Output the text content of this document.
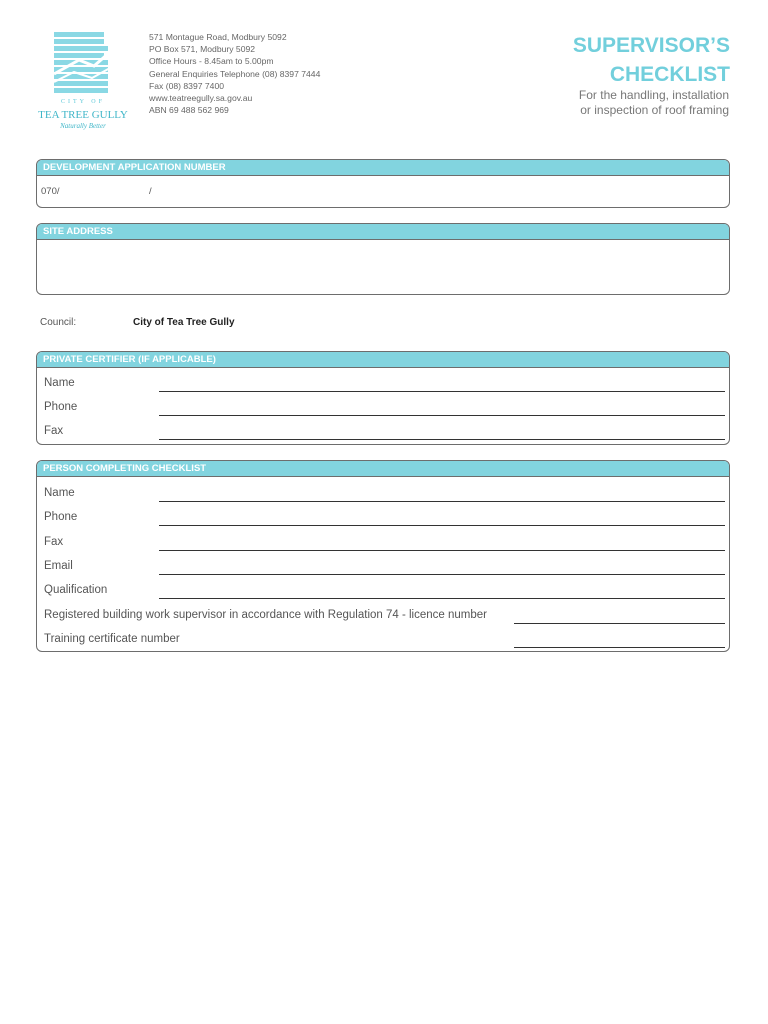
CITY OF
TEA TREE GULLY
Naturally Better
571 Montague Road, Modbury 5092
PO Box 571, Modbury 5092
Office Hours - 8.45am to 5.00pm
General Enquiries Telephone (08) 8397 7444
Fax (08) 8397 7400
www.teatreegully.sa.gov.au
ABN 69 488 562 969
SUPERVISOR’S
CHECKLIST
For the handling, installation
or inspection of roof framing
DEVELOPMENT APPLICATION NUMBER
070/	/
SITE ADDRESS
Council:	City of Tea Tree Gully
PRIVATE CERTIFIER (IF APPLICABLE)
Name
Phone
Fax
PERSON COMPLETING CHECKLIST
Name
Phone
Fax
Email
Qualification
Registered building work supervisor in accordance with Regulation 74 - licence number
Training certificate number
